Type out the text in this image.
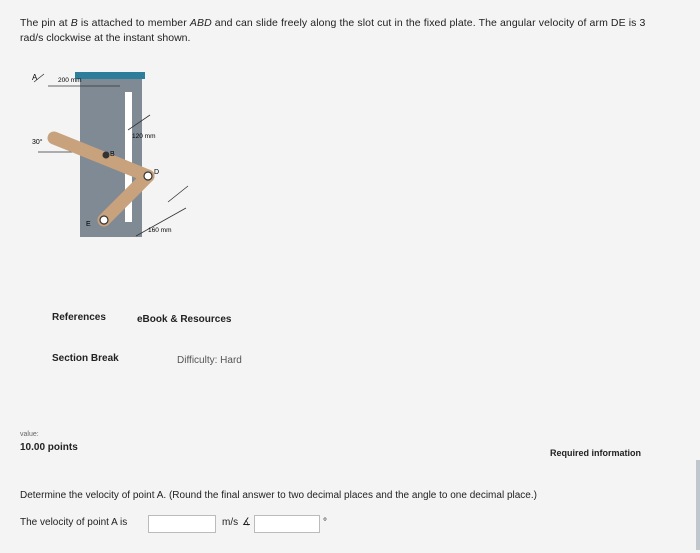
The pin at B is attached to member ABD and can slide freely along the slot cut in the fixed plate. The angular velocity of arm DE is 3
rad/s clockwise at the instant shown.
A	200 mm
120 mm
30°
B
D
E
160 mm
References	eBook & Resources
Section Break	Difficulty: Hard
value:
10.00 points	Required information
Determine the velocity of point A. (Round the final answer to two decimal places and the angle to one decimal place.)
The velocity of point A is	m/s ∡	°
